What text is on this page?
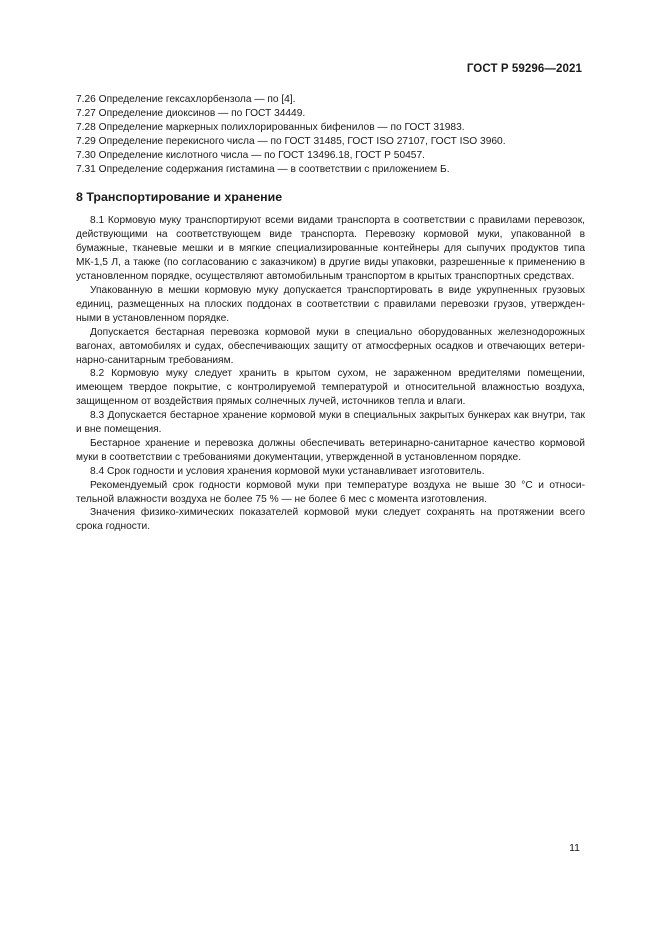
ГОСТ Р 59296—2021
7.26 Определение гексахлорбензола — по [4].
7.27 Определение диоксинов — по ГОСТ 34449.
7.28 Определение маркерных полихлорированных бифенилов — по ГОСТ 31983.
7.29 Определение перекисного числа — по ГОСТ 31485, ГОСТ ISO 27107, ГОСТ ISO 3960.
7.30 Определение кислотного числа — по ГОСТ 13496.18, ГОСТ Р 50457.
7.31 Определение содержания гистамина — в соответствии с приложением Б.
8 Транспортирование и хранение

8.1 Кормовую муку транспортируют всеми видами транспорта в соответствии с правилами перевозок, действующими на соответствующем виде транспорта. Перевозку кормовой муки, упакованной в бумажные, тканевые мешки и в мягкие специализированные контейнеры для сыпучих продуктов типа МК-1,5 Л, а также (по согласованию с заказчиком) в другие виды упаковки, разрешенные к применению в установленном порядке, осуществляют автомобильным транспортом в крытых транспортных средствах.

Упакованную в мешки кормовую муку допускается транспортировать в виде укрупненных грузовых единиц, размещенных на плоских поддонах в соответствии с правилами перевозки грузов, утвержденными в установленном порядке.

Допускается бестарная перевозка кормовой муки в специально оборудованных железнодорожных вагонах, автомобилях и судах, обеспечивающих защиту от атмосферных осадков и отвечающих ветеринарно-санитарным требованиям.

8.2 Кормовую муку следует хранить в крытом сухом, не зараженном вредителями помещении, имеющем твердое покрытие, с контролируемой температурой и относительной влажностью воздуха, защищенном от воздействия прямых солнечных лучей, источников тепла и влаги.

8.3 Допускается бестарное хранение кормовой муки в специальных закрытых бункерах как внутри, так и вне помещения.

Бестарное хранение и перевозка должны обеспечивать ветеринарно-санитарное качество кормовой муки в соответствии с требованиями документации, утвержденной в установленном порядке.

8.4 Срок годности и условия хранения кормовой муки устанавливает изготовитель.

Рекомендуемый срок годности кормовой муки при температуре воздуха не выше 30 °С и относительной влажности воздуха не более 75 % — не более 6 мес с момента изготовления.

Значения физико-химических показателей кормовой муки следует сохранять на протяжении всего срока годности.

11
